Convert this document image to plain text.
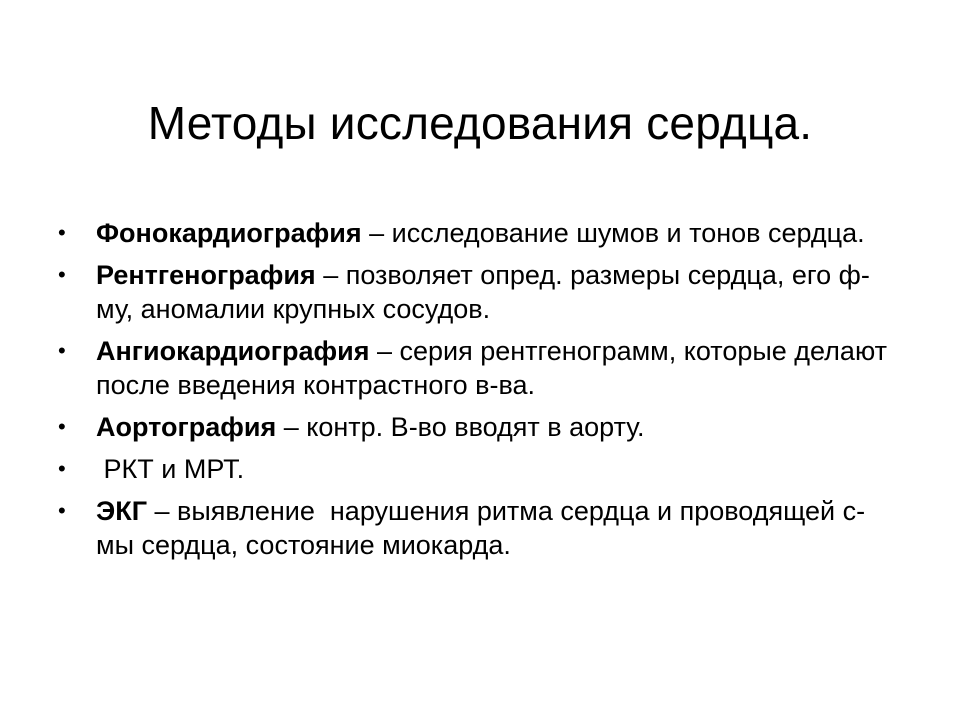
Методы исследования сердца.
• Фонокардиография – исследование шумов и тонов сердца.
• Рентгенография – позволяет опред. размеры сердца, его ф-му, аномалии крупных сосудов.
• Ангиокардиография – серия рентгенограмм, которые делают после введения контрастного в-ва.
• Аортография – контр. В-во вводят в аорту.
• РКТ и МРТ.
• ЭКГ – выявление  нарушения ритма сердца и проводящей с-мы сердца, состояние миокарда.
